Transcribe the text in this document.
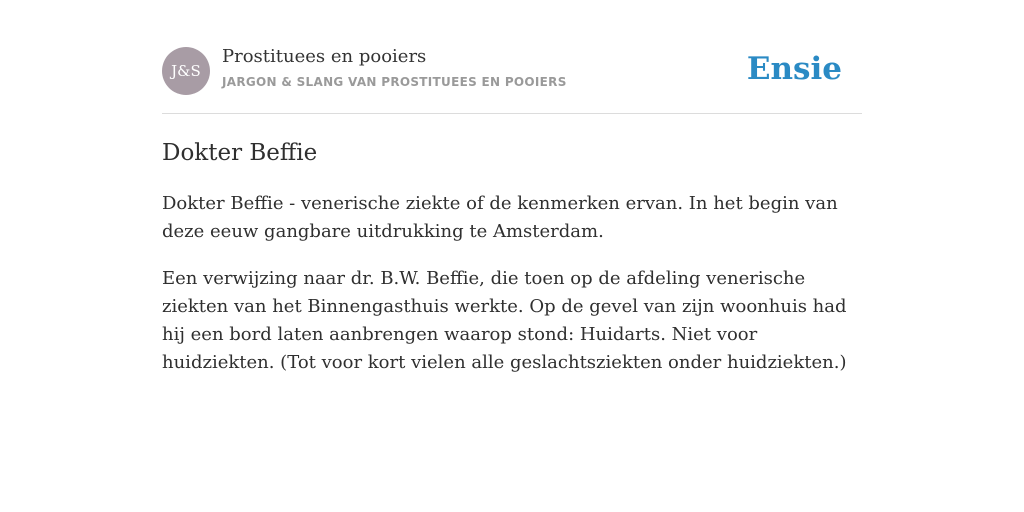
J&S
Prostituees en pooiers
JARGON & SLANG VAN PROSTITUEES EN POOIERS	Ensie
Dokter Beffie

Dokter Beffie - venerische ziekte of de kenmerken ervan. In het begin van deze eeuw gangbare uitdrukking te Amsterdam.

Een verwijzing naar dr. B.W. Beffie, die toen op de afdeling venerische ziekten van het Binnengasthuis werkte. Op de gevel van zijn woonhuis had hij een bord laten aanbrengen waarop stond: Huidarts. Niet voor huidziekten. (Tot voor kort vielen alle geslachtsziekten onder huidziekten.)
